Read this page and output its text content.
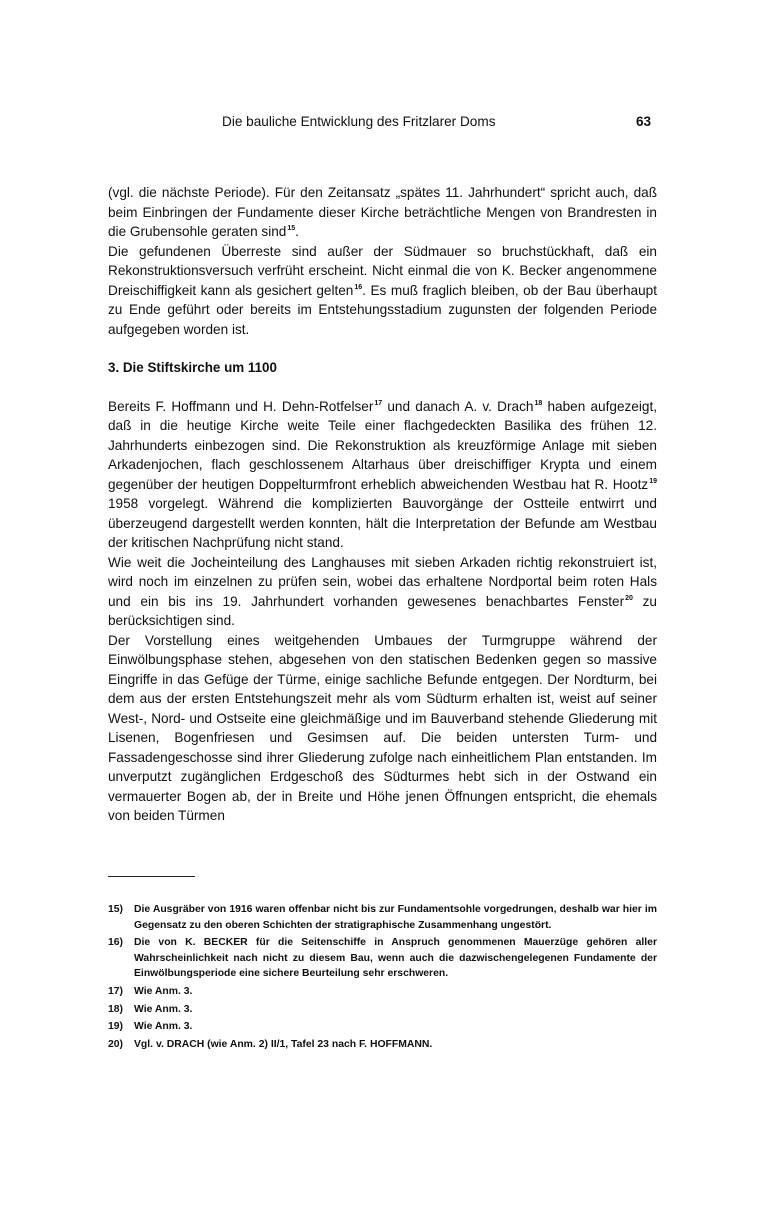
Die bauliche Entwicklung des Fritzlarer Doms	63

(vgl. die nächste Periode). Für den Zeitansatz „spätes 11. Jahrhundert“ spricht auch, daß beim Einbringen der Fundamente dieser Kirche beträchtliche Mengen von Brandresten in die Grubensohle geraten sind$^{15}$.

Die gefundenen Überreste sind außer der Südmauer so bruchstückhaft, daß ein Rekonstruktionsversuch verfrüht erscheint. Nicht einmal die von K. Becker angenommene Dreischiffigkeit kann als gesichert gelten$^{16}$. Es muß fraglich bleiben, ob der Bau überhaupt zu Ende geführt oder bereits im Entstehungsstadium zugunsten der folgenden Periode aufgegeben worden ist.

3. Die Stiftskirche um 1100

Bereits F. Hoffmann und H. Dehn-Rotfelser$^{17}$ und danach A. v. Drach$^{18}$ haben aufgezeigt, daß in die heutige Kirche weite Teile einer flachgedeckten Basilika des frühen 12. Jahrhunderts einbezogen sind. Die Rekonstruktion als kreuzförmige Anlage mit sieben Arkadenjochen, flach geschlossenem Altarhaus über dreischiffiger Krypta und einem gegenüber der heutigen Doppelturmfront erheblich abweichenden Westbau hat R. Hootz$^{19}$ 1958 vorgelegt. Während die komplizierten Bauvorgänge der Ostteile entwirrt und überzeugend dargestellt werden konnten, hält die Interpretation der Befunde am Westbau der kritischen Nachprüfung nicht stand.

Wie weit die Jocheinteilung des Langhauses mit sieben Arkaden richtig rekonstruiert ist, wird noch im einzelnen zu prüfen sein, wobei das erhaltene Nordportal beim roten Hals und ein bis ins 19. Jahrhundert vorhanden gewesenes benachbartes Fenster$^{20}$ zu berücksichtigen sind.

Der Vorstellung eines weitgehenden Umbaues der Turmgruppe während der Einwölbungsphase stehen, abgesehen von den statischen Bedenken gegen so massive Eingriffe in das Gefüge der Türme, einige sachliche Befunde entgegen. Der Nordturm, bei dem aus der ersten Entstehungszeit mehr als vom Südturm erhalten ist, weist auf seiner West-, Nord- und Ostseite eine gleichmäßige und im Bauverband stehende Gliederung mit Lisenen, Bogenfriesen und Gesimsen auf. Die beiden untersten Turm- und Fassadengeschosse sind ihrer Gliederung zufolge nach einheitlichem Plan entstanden. Im unverputzt zugänglichen Erdgeschoß des Südturmes hebt sich in der Ostwand ein vermauerter Bogen ab, der in Breite und Höhe jenen Öffnungen entspricht, die ehemals von beiden Türmen

15)	Die Ausgräber von 1916 waren offenbar nicht bis zur Fundamentsohle vorgedrungen, deshalb war hier im Gegensatz zu den oberen Schichten der stratigraphische Zusammenhang ungestört.
16)	Die von K. BECKER für die Seitenschiffe in Anspruch genommenen Mauerzüge gehören aller Wahrscheinlichkeit nach nicht zu diesem Bau, wenn auch die dazwischengelegenen Fundamente der Einwölbungsperiode eine sichere Beurteilung sehr erschweren.
17)	Wie Anm. 3.
18)	Wie Anm. 3.
19)	Wie Anm. 3.
20)	Vgl. v. DRACH (wie Anm. 2) II/1, Tafel 23 nach F. HOFFMANN.
